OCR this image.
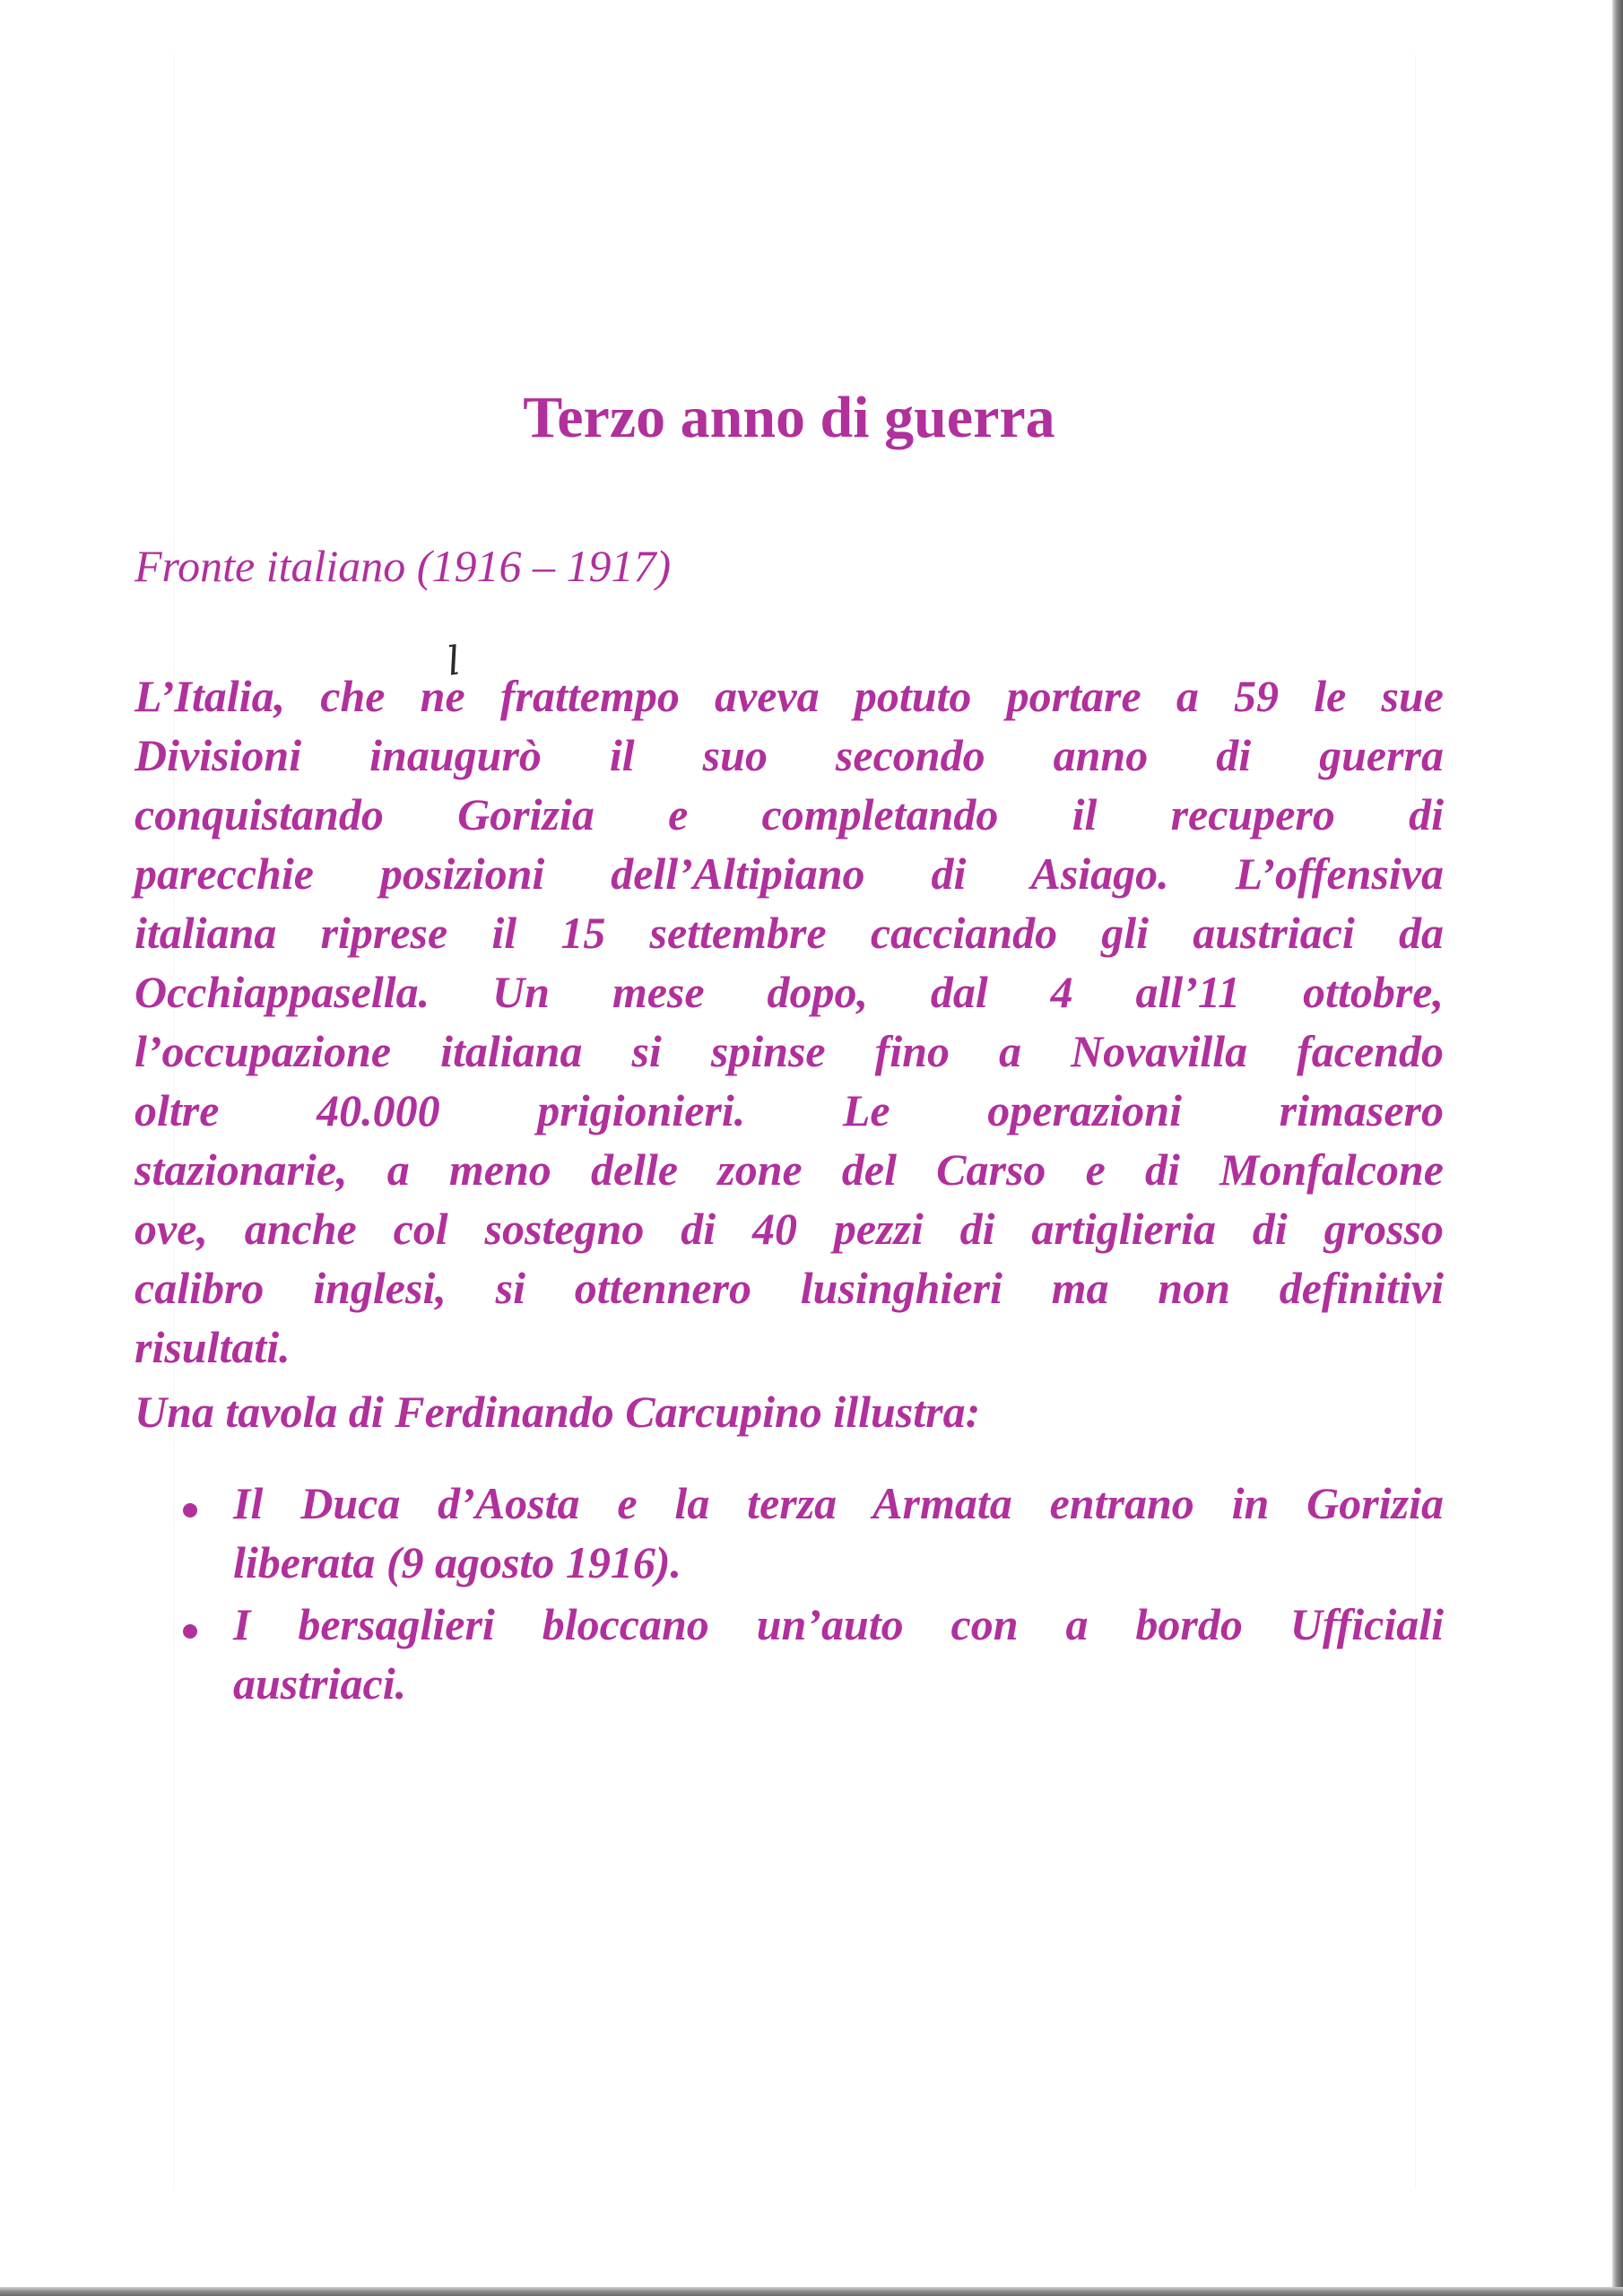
Terzo anno di guerra
Fronte italiano (1916 – 1917)
l
L’Italia, che ne frattempo aveva potuto portare a 59 le sue
Divisioni inaugurò il suo secondo anno di guerra
conquistando Gorizia e completando il recupero di
parecchie posizioni dell’Altipiano di Asiago. L’offensiva
italiana riprese il 15 settembre cacciando gli austriaci da
Occhiappasella. Un mese dopo, dal 4 all’11 ottobre,
l’occupazione italiana si spinse fino a Novavilla facendo
oltre 40.000 prigionieri. Le operazioni rimasero
stazionarie, a meno delle zone del Carso e di Monfalcone
ove, anche col sostegno di 40 pezzi di artiglieria di grosso
calibro inglesi, si ottennero lusinghieri ma non definitivi
risultati.
Una tavola di Ferdinando Carcupino illustra:
Il Duca d’Aosta e la terza Armata entrano in Gorizia
liberata (9 agosto 1916).
I bersaglieri bloccano un’auto con a bordo Ufficiali
austriaci.
